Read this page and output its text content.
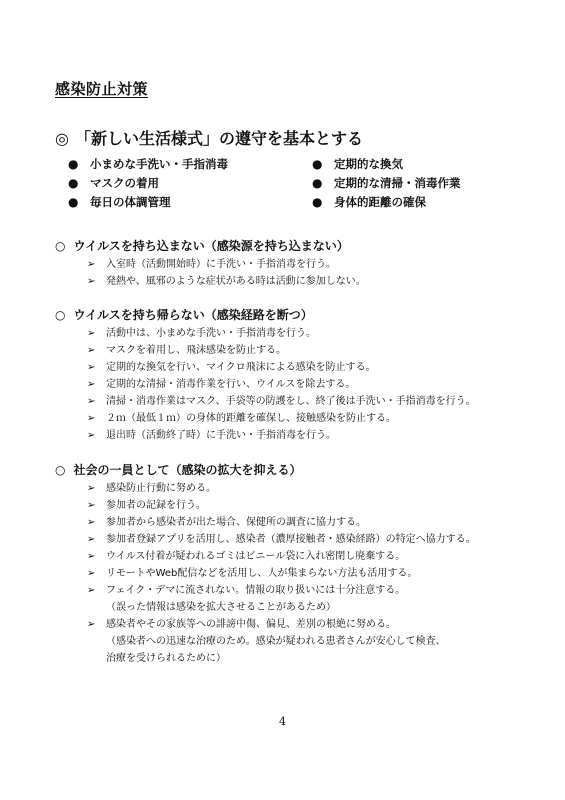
感染防止対策
◎ 「新しい生活様式」の遵守を基本とする
● 小まめな手洗い・手指消毒	● 定期的な換気
● マスクの着用	● 定期的な清掃・消毒作業
● 毎日の体調管理	● 身体的距離の確保
○ ウイルスを持ち込まない（感染源を持ち込まない）
➢ 入室時（活動開始時）に手洗い・手指消毒を行う。
➢ 発熱や、風邪のような症状がある時は活動に参加しない。
○ ウイルスを持ち帰らない（感染経路を断つ）
➢ 活動中は、小まめな手洗い・手指消毒を行う。
➢ マスクを着用し、飛沫感染を防止する。
➢ 定期的な換気を行い、マイクロ飛沫による感染を防止する。
➢ 定期的な清掃・消毒作業を行い、ウイルスを除去する。
➢ 清掃・消毒作業はマスク、手袋等の防護をし、終了後は手洗い・手指消毒を行う。
➢ ２ｍ（最低１ｍ）の身体的距離を確保し、接触感染を防止する。
➢ 退出時（活動終了時）に手洗い・手指消毒を行う。
○ 社会の一員として（感染の拡大を抑える）
➢ 感染防止行動に努める。
➢ 参加者の記録を行う。
➢ 参加者から感染者が出た場合、保健所の調査に協力する。
➢ 参加者登録アプリを活用し、感染者（濃厚接触者・感染経路）の特定へ協力する。
➢ ウイルス付着が疑われるゴミはビニール袋に入れ密閉し廃棄する。
➢ リモートやWeb配信などを活用し、人が集まらない方法も活用する。
➢ フェイク・デマに流されない。情報の取り扱いには十分注意する。
（誤った情報は感染を拡大させることがあるため）
➢ 感染者やその家族等への誹謗中傷、偏見、差別の根絶に努める。
（感染者への迅速な治療のため。感染が疑われる患者さんが安心して検査、
治療を受けられるために）
4
